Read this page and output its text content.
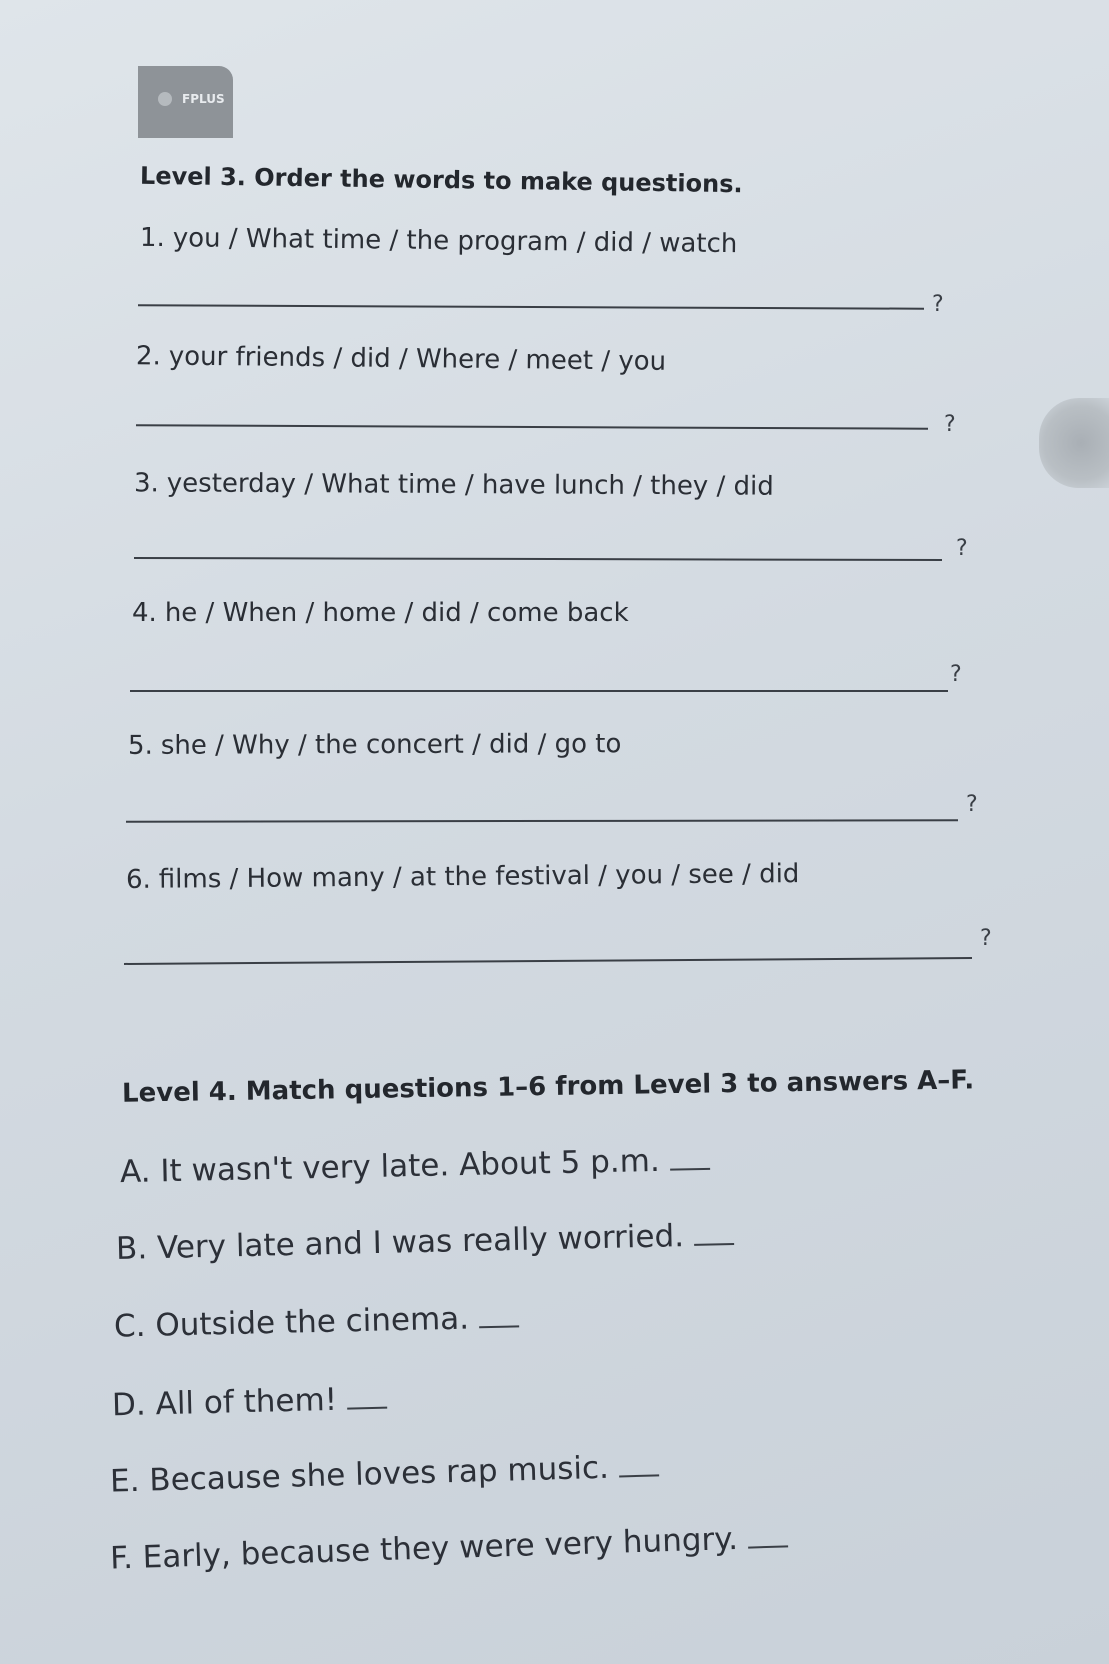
FPLUS
Level 3. Order the words to make questions.
1. you / What time / the program / did / watch
?
2. your friends / did / Where / meet / you
?
3. yesterday / What time / have lunch / they / did
?
4. he / When / home / did / come back
?
5. she / Why / the concert / did / go to
?
6. films / How many / at the festival / you / see / did
?
Level 4. Match questions 1–6 from Level 3 to answers A–F.
A. It wasn't very late. About 5 p.m.
B. Very late and I was really worried.
C. Outside the cinema.
D. All of them!
E. Because she loves rap music.
F. Early, because they were very hungry.
